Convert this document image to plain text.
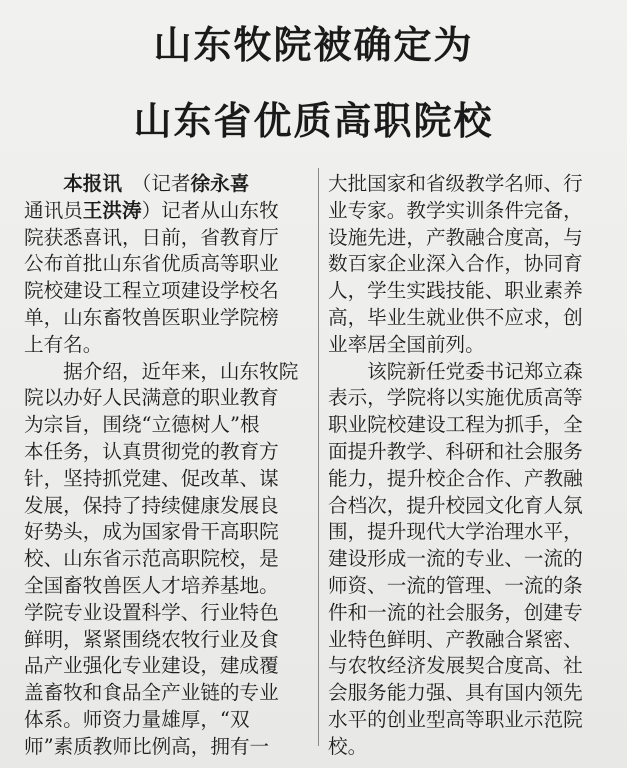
山东牧院被确定为
山东省优质高职院校
　　本报讯　 （记者徐永喜
通讯员王洪涛）记者从山东牧
院获悉喜讯，日前，省教育厅
公布首批山东省优质高等职业
院校建设工程立项建设学校名
单，山东畜牧兽医职业学院榜
上有名。
　　据介绍，近年来，山东牧院
院以办好人民满意的职业教育
为宗旨，围绕“立德树人”根
本任务，认真贯彻党的教育方
针，坚持抓党建、促改革、谋
发展，保持了持续健康发展良
好势头，成为国家骨干高职院
校、山东省示范高职院校，是
全国畜牧兽医人才培养基地。
学院专业设置科学、行业特色
鲜明，紧紧围绕农牧行业及食
品产业强化专业建设，建成覆
盖畜牧和食品全产业链的专业
体系。师资力量雄厚，“双
师”素质教师比例高，拥有一
大批国家和省级教学名师、行
业专家。教学实训条件完备，
设施先进，产教融合度高，与
数百家企业深入合作，协同育
人，学生实践技能、职业素养
高，毕业生就业供不应求，创
业率居全国前列。
　　该院新任党委书记郑立森
表示，学院将以实施优质高等
职业院校建设工程为抓手，全
面提升教学、科研和社会服务
能力，提升校企合作、产教融
合档次，提升校园文化育人氛
围，提升现代大学治理水平，
建设形成一流的专业、一流的
师资、一流的管理、一流的条
件和一流的社会服务，创建专
业特色鲜明、产教融合紧密、
与农牧经济发展契合度高、社
会服务能力强、具有国内领先
水平的创业型高等职业示范院
校。
